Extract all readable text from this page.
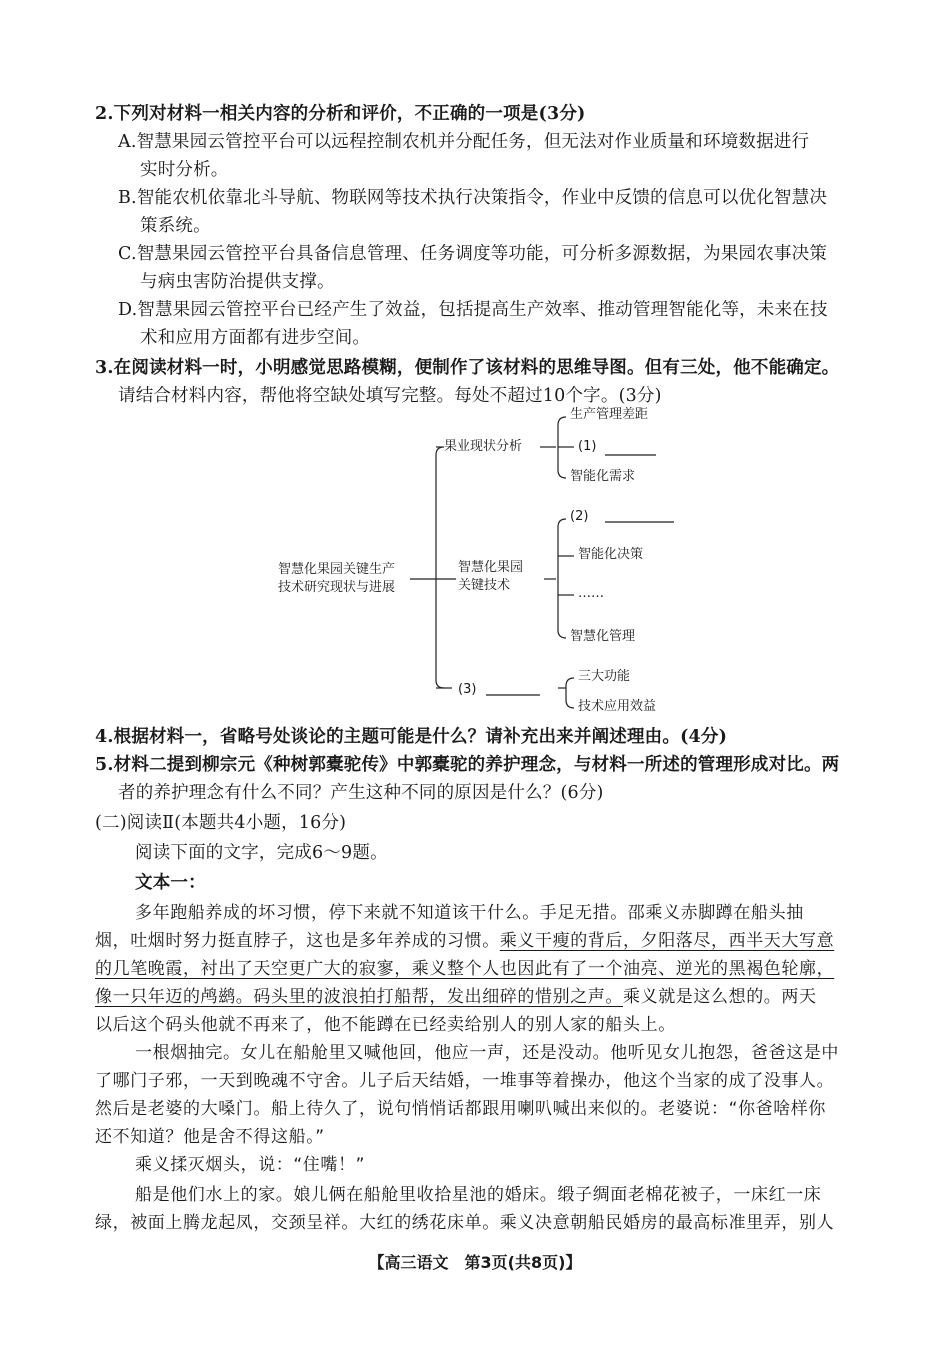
2.下列对材料一相关内容的分析和评价，不正确的一项是(3分)
A.智慧果园云管控平台可以远程控制农机并分配任务，但无法对作业质量和环境数据进行
实时分析。
B.智能农机依靠北斗导航、物联网等技术执行决策指令，作业中反馈的信息可以优化智慧决
策系统。
C.智慧果园云管控平台具备信息管理、任务调度等功能，可分析多源数据，为果园农事决策
与病虫害防治提供支撑。
D.智慧果园云管控平台已经产生了效益，包括提高生产效率、推动管理智能化等，未来在技
术和应用方面都有进步空间。
3.在阅读材料一时，小明感觉思路模糊，便制作了该材料的思维导图。但有三处，他不能确定。
请结合材料内容，帮他将空缺处填写完整。每处不超过10个字。(3分)
智慧化果园关键生产
技术研究现状与进展
果业现状分析
生产管理差距
(1)
智能化需求
智慧化果园
关键技术
(2)
智能化决策
……
智慧化管理
(3)
三大功能
技术应用效益
4.根据材料一，省略号处谈论的主题可能是什么？请补充出来并阐述理由。(4分)
5.材料二提到柳宗元《种树郭橐驼传》中郭橐驼的养护理念，与材料一所述的管理形成对比。两
者的养护理念有什么不同？产生这种不同的原因是什么？(6分)
(二)阅读Ⅱ(本题共4小题，16分)
阅读下面的文字，完成6～9题。
文本一：
多年跑船养成的坏习惯，停下来就不知道该干什么。手足无措。邵乘义赤脚蹲在船头抽
烟，吐烟时努力挺直脖子，这也是多年养成的习惯。乘义干瘦的背后，夕阳落尽，西半天大写意
的几笔晚霞，衬出了天空更广大的寂寥，乘义整个人也因此有了一个油亮、逆光的黑褐色轮廓，
像一只年迈的鸬鹚。码头里的波浪拍打船帮，发出细碎的惜别之声。乘义就是这么想的。两天
以后这个码头他就不再来了，他不能蹲在已经卖给别人的别人家的船头上。
一根烟抽完。女儿在船舱里又喊他回，他应一声，还是没动。他听见女儿抱怨，爸爸这是中
了哪门子邪，一天到晚魂不守舍。儿子后天结婚，一堆事等着操办，他这个当家的成了没事人。
然后是老婆的大嗓门。船上待久了，说句悄悄话都跟用喇叭喊出来似的。老婆说：“你爸啥样你
还不知道？他是舍不得这船。”
乘义揉灭烟头，说：“住嘴！”
船是他们水上的家。娘儿俩在船舱里收拾星池的婚床。缎子绸面老棉花被子，一床红一床
绿，被面上腾龙起凤，交颈呈祥。大红的绣花床单。乘义决意朝船民婚房的最高标准里弄，别人
【高三语文　第3页(共8页)】
